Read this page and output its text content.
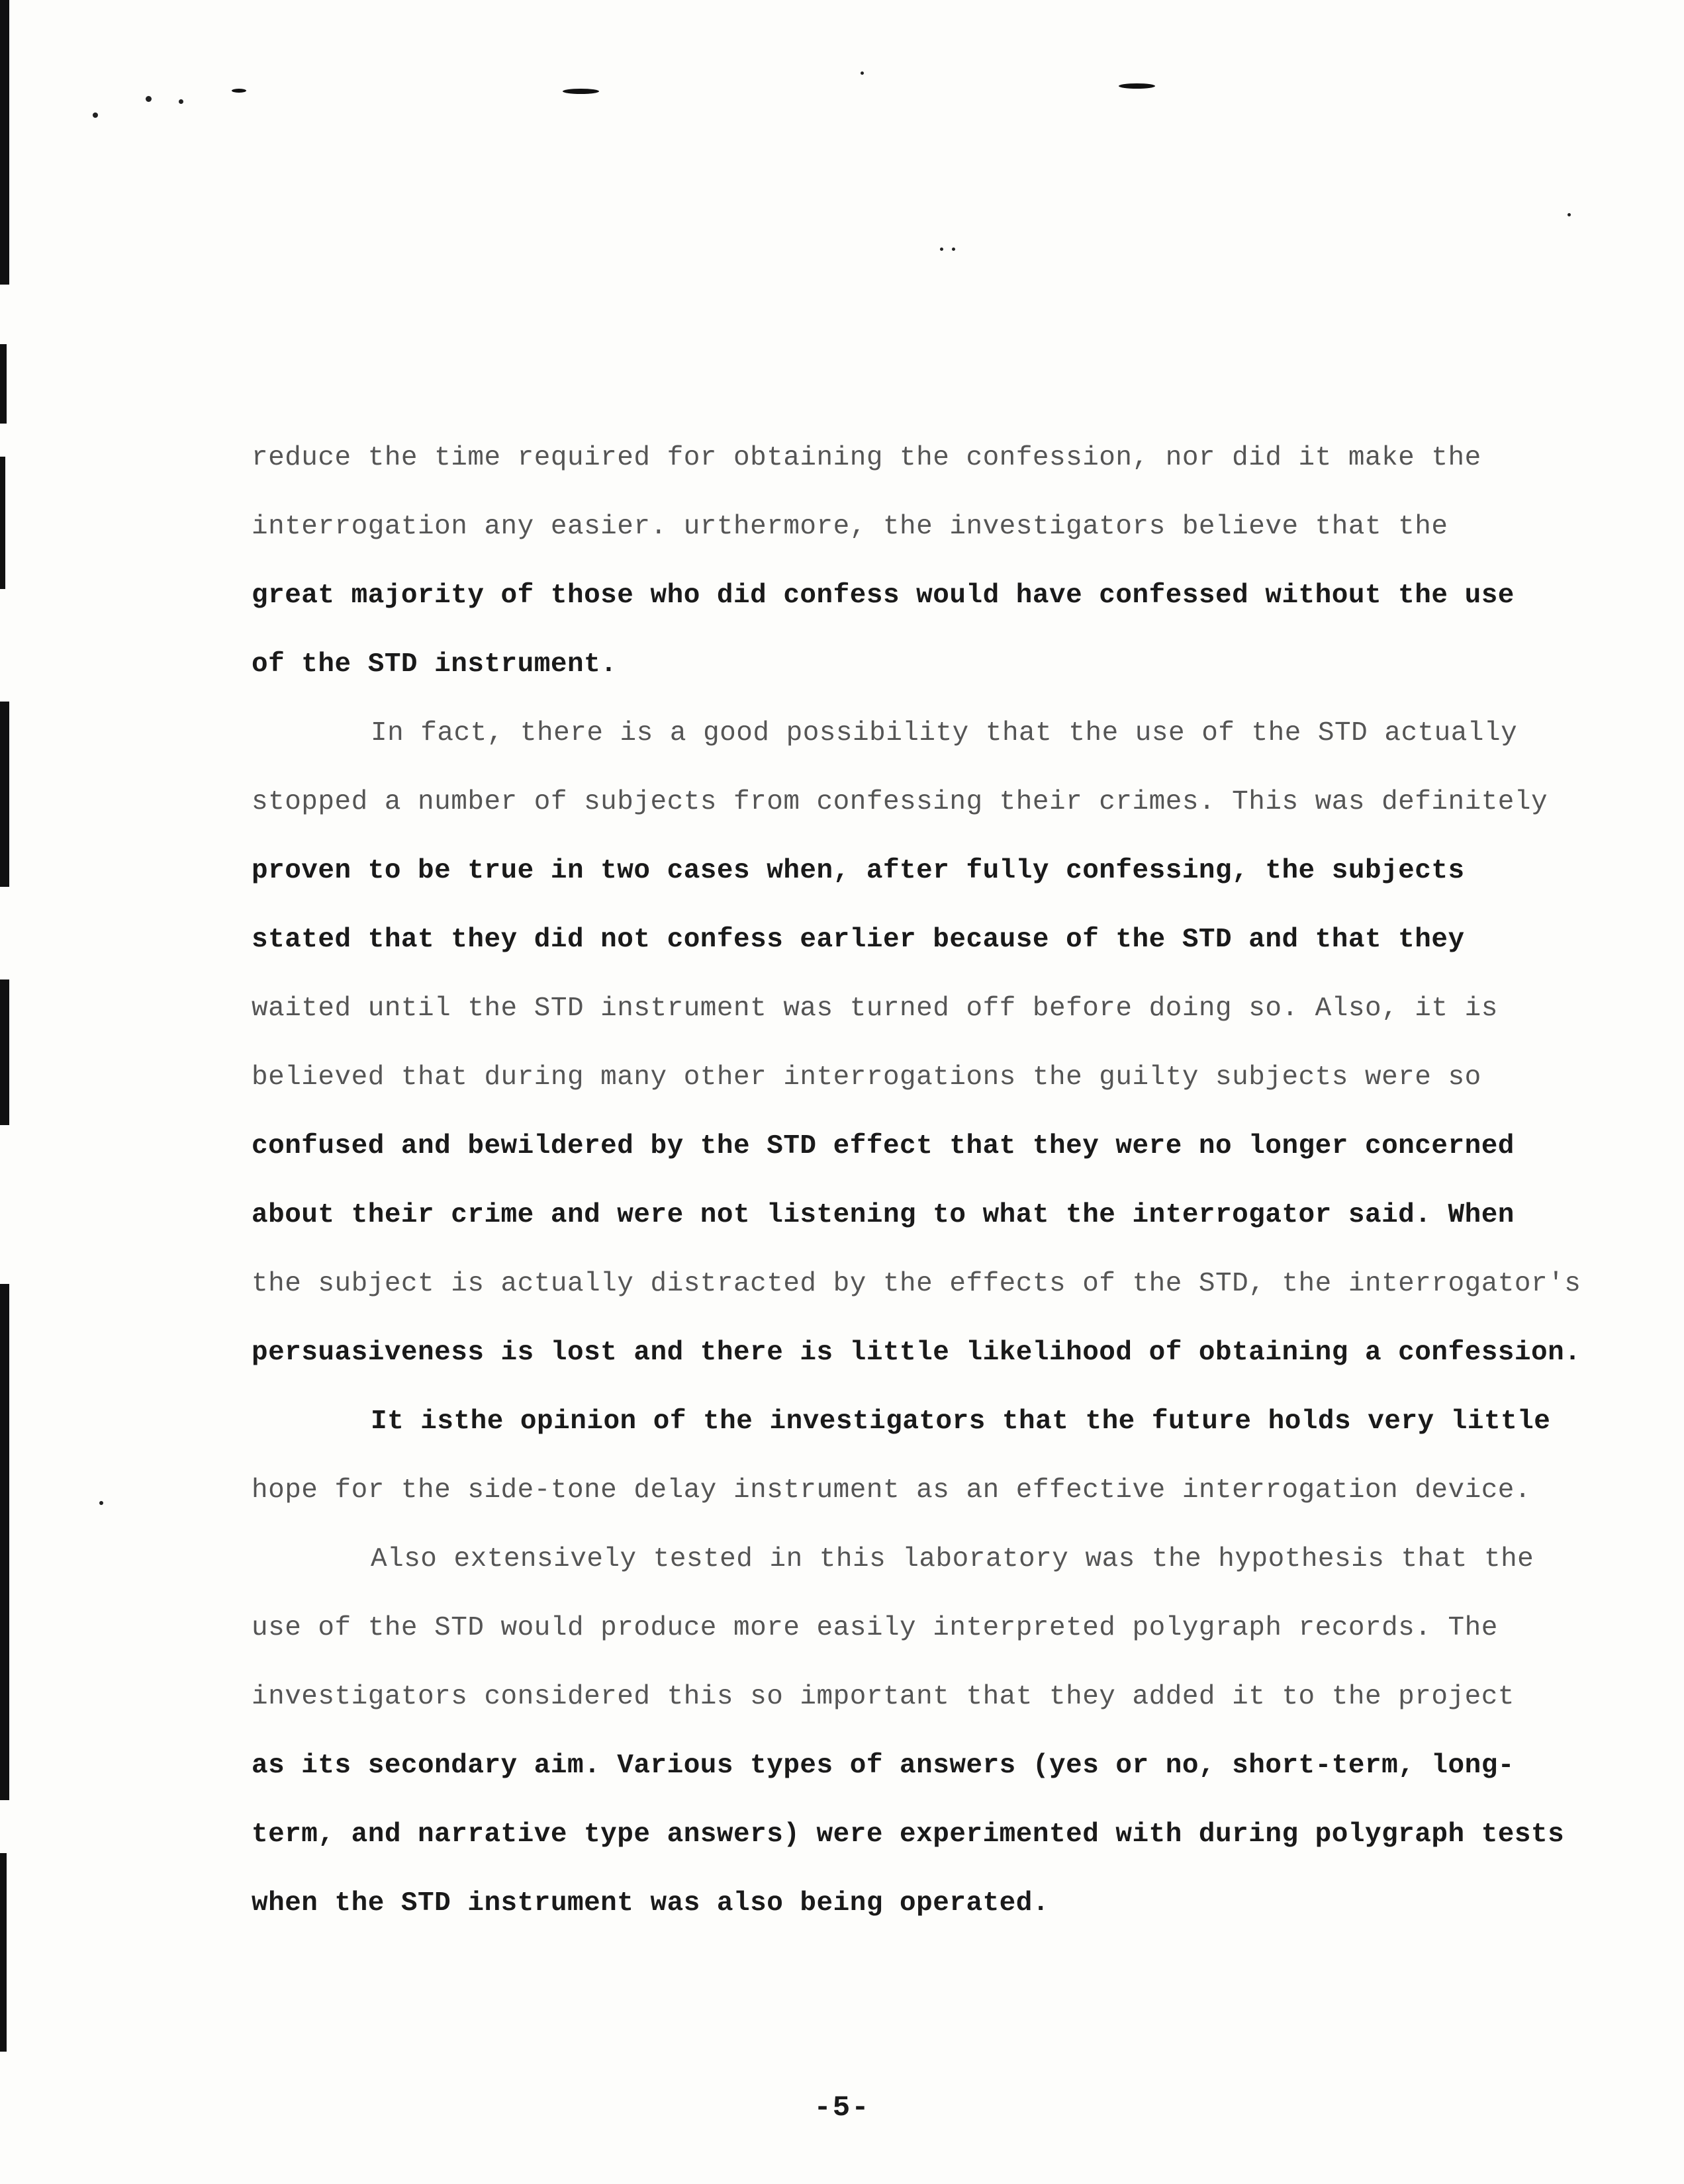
reduce the time required for obtaining the confession, nor did it make the
interrogation any easier. urthermore, the investigators believe that the
great majority of those who did confess would have confessed without the use
of the STD instrument.
In fact, there is a good possibility that the use of the STD actually
stopped a number of subjects from confessing their crimes. This was definitely
proven to be true in two cases when, after fully confessing, the subjects
stated that they did not confess earlier because of the STD and that they
waited until the STD instrument was turned off before doing so. Also, it is
believed that during many other interrogations the guilty subjects were so
confused and bewildered by the STD effect that they were no longer concerned
about their crime and were not listening to what the interrogator said. When
the subject is actually distracted by the effects of the STD, the interrogator's
persuasiveness is lost and there is little likelihood of obtaining a confession.
It isthe opinion of the investigators that the future holds very little
hope for the side-tone delay instrument as an effective interrogation device.
Also extensively tested in this laboratory was the hypothesis that the
use of the STD would produce more easily interpreted polygraph records. The
investigators considered this so important that they added it to the project
as its secondary aim. Various types of answers (yes or no, short-term, long-
term, and narrative type answers) were experimented with during polygraph tests
when the STD instrument was also being operated.
-5-
